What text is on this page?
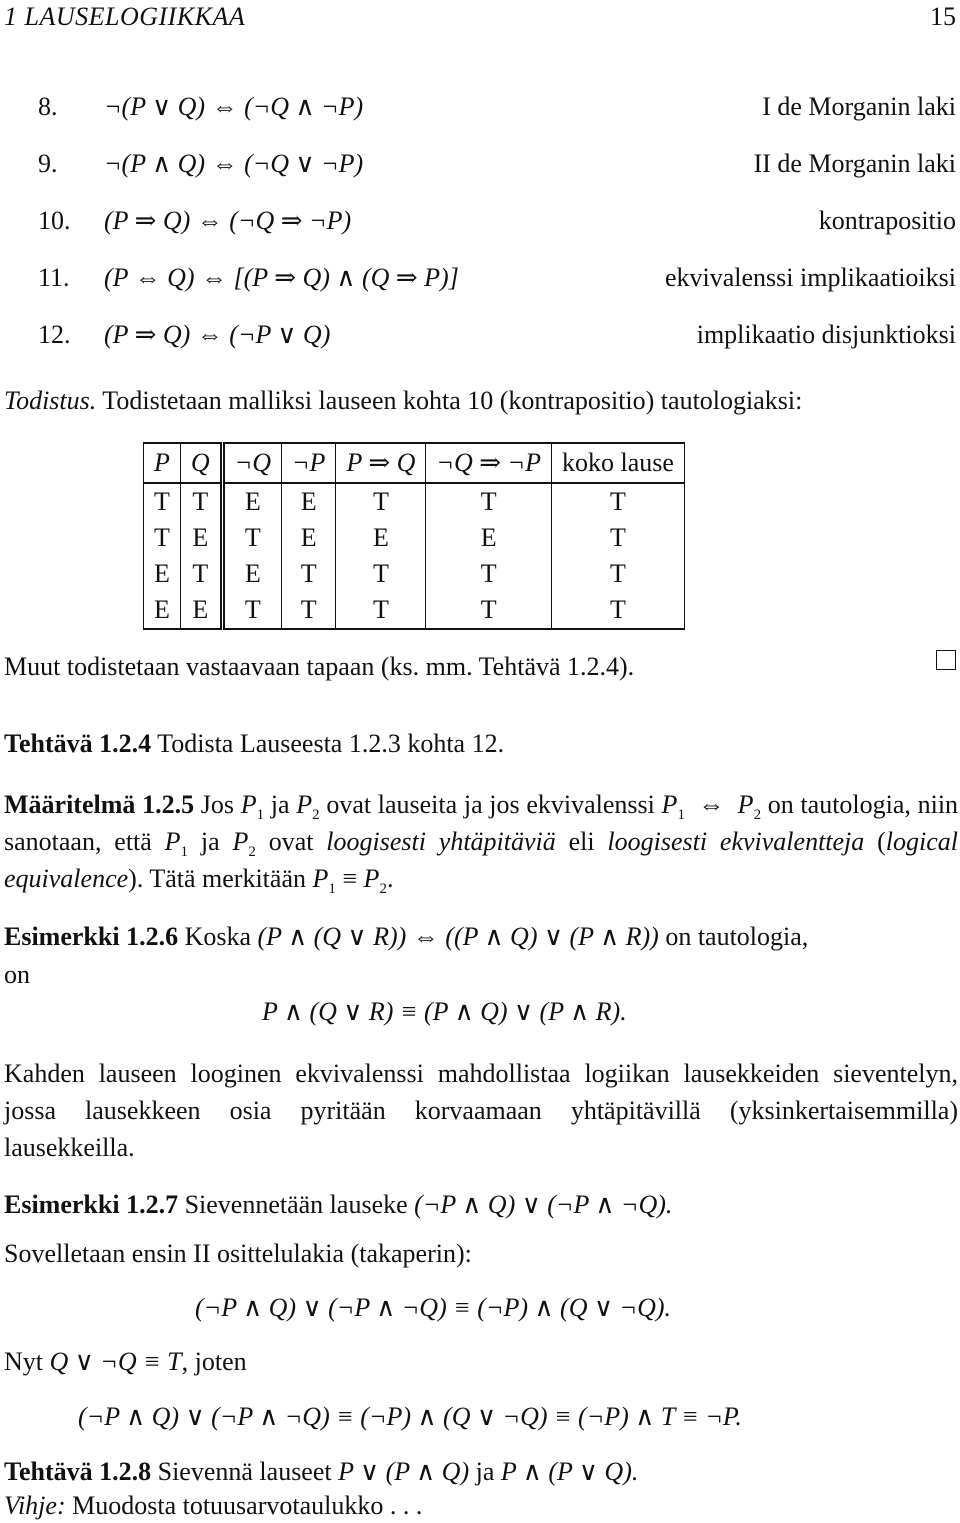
1 LAUSELOGIIKKAA	15
8. ¬(P ∨ Q) ⇔ (¬Q ∧ ¬P)	I de Morganin laki
9. ¬(P ∧ Q) ⇔ (¬Q ∨ ¬P)	II de Morganin laki
10. (P ⇒ Q) ⇔ (¬Q ⇒ ¬P)	kontrapositio
11. (P ⇔ Q) ⇔ [(P ⇒ Q) ∧ (Q ⇒ P)]	ekvivalenssi implikaatioiksi
12. (P ⇒ Q) ⇔ (¬P ∨ Q)	implikaatio disjunktioksi
Todistus. Todistetaan malliksi lauseen kohta 10 (kontrapositio) tautologiaksi:
P	Q	¬Q	¬P	P ⇒ Q	¬Q ⇒ ¬P	koko lause
T	T	E	E	T	T	T
T	E	T	E	E	E	T
E	T	E	T	T	T	T
E	E	T	T	T	T	T
Muut todistetaan vastaavaan tapaan (ks. mm. Tehtävä 1.2.4).
Tehtävä 1.2.4 Todista Lauseesta 1.2.3 kohta 12.
Määritelmä 1.2.5 Jos $P_1$ ja $P_2$ ovat lauseita ja jos ekvivalenssi $P_1$  ⇔  $P_2$ on tautologia, niin sanotaan, että $P_1$ ja $P_2$ ovat loogisesti yhtäpitäviä eli loogisesti ekvivalentteja (logical equivalence). Tätä merkitään $P_1 \equiv P_2$.
Esimerkki 1.2.6 Koska (P ∧ (Q ∨ R)) ⇔ ((P ∧ Q) ∨ (P ∧ R)) on tautologia,
on
P ∧ (Q ∨ R) ≡ (P ∧ Q) ∨ (P ∧ R).
Kahden lauseen looginen ekvivalenssi mahdollistaa logiikan lausekkeiden sieventelyn, jossa lausekkeen osia pyritään korvaamaan yhtäpitävillä (yksinkertaisemmilla) lausekkeilla.
Esimerkki 1.2.7 Sievennetään lauseke (¬P ∧ Q) ∨ (¬P ∧ ¬Q).
Sovelletaan ensin II osittelulakia (takaperin):
(¬P ∧ Q) ∨ (¬P ∧ ¬Q) ≡ (¬P) ∧ (Q ∨ ¬Q).
Nyt Q ∨ ¬Q ≡ T, joten
(¬P ∧ Q) ∨ (¬P ∧ ¬Q) ≡ (¬P) ∧ (Q ∨ ¬Q) ≡ (¬P) ∧ T ≡ ¬P.
Tehtävä 1.2.8 Sievennä lauseet P ∨ (P ∧ Q) ja P ∧ (P ∨ Q).
Vihje: Muodosta totuusarvotaulukko . . .
